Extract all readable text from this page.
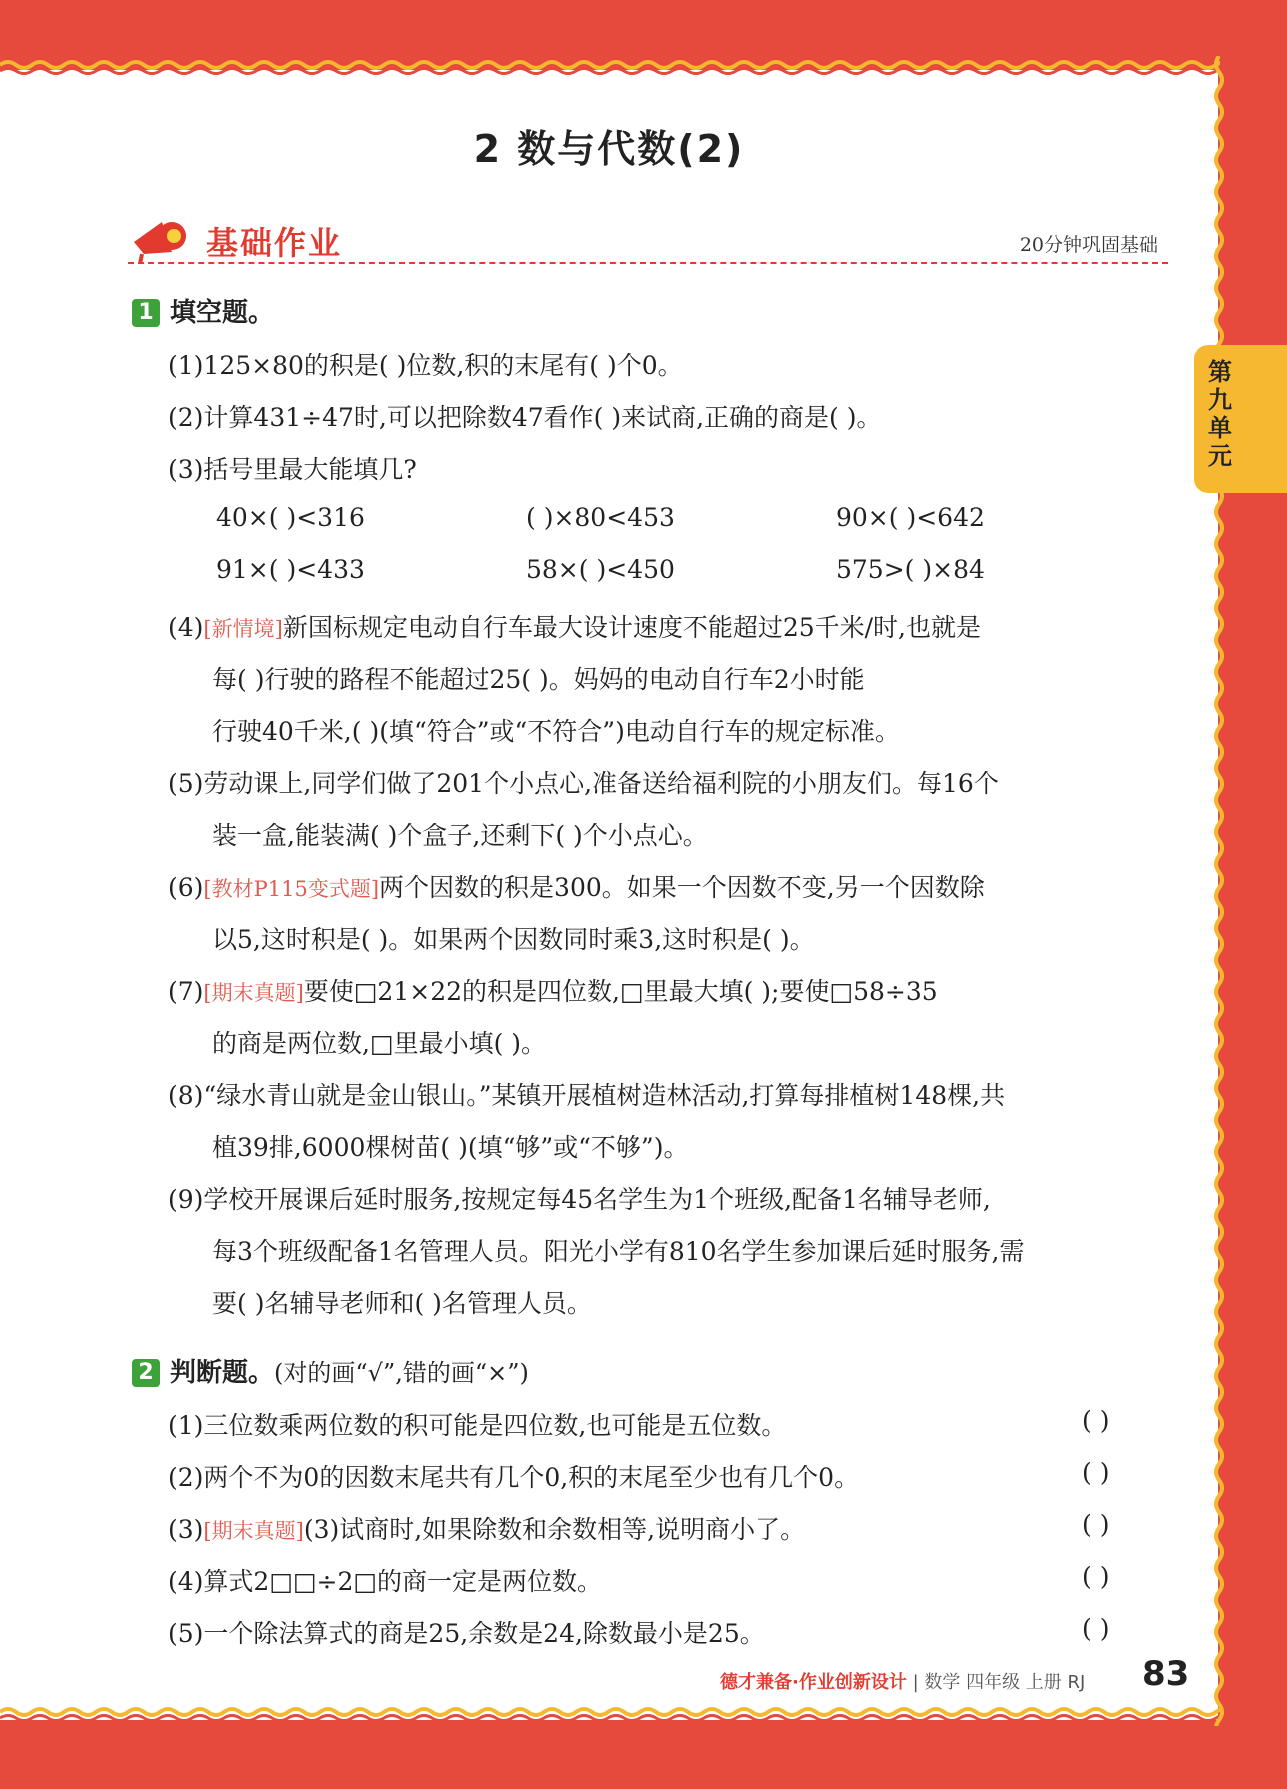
2 数与代数(2)
基础作业	20分钟巩固基础
第九单元
1 填空题。
(1)125×80的积是( )位数,积的末尾有( )个0。
(2)计算431÷47时,可以把除数47看作( )来试商,正确的商是( )。
(3)括号里最大能填几?
40×( )<316	( )×80<453	90×( )<642
91×( )<433	58×( )<450	575>( )×84
(4)[新情境]新国标规定电动自行车最大设计速度不能超过25千米/时,也就是
每( )行驶的路程不能超过25( )。妈妈的电动自行车2小时能
行驶40千米,( )(填“符合”或“不符合”)电动自行车的规定标准。
(5)劳动课上,同学们做了201个小点心,准备送给福利院的小朋友们。每16个
装一盒,能装满( )个盒子,还剩下( )个小点心。
(6)[教材P115变式题]两个因数的积是300。如果一个因数不变,另一个因数除
以5,这时积是( )。如果两个因数同时乘3,这时积是( )。
(7)[期末真题]要使□21×22的积是四位数,□里最大填( );要使□58÷35
的商是两位数,□里最小填( )。
(8)“绿水青山就是金山银山。”某镇开展植树造林活动,打算每排植树148棵,共
植39排,6000棵树苗( )(填“够”或“不够”)。
(9)学校开展课后延时服务,按规定每45名学生为1个班级,配备1名辅导老师,
每3个班级配备1名管理人员。阳光小学有810名学生参加课后延时服务,需
要( )名辅导老师和( )名管理人员。
2 判断题。(对的画“√”,错的画“×”)
(1)三位数乘两位数的积可能是四位数,也可能是五位数。	( )
(2)两个不为0的因数末尾共有几个0,积的末尾至少也有几个0。	( )
(3)[期末真题](3)试商时,如果除数和余数相等,说明商小了。	( )
(4)算式2□□÷2□的商一定是两位数。	( )
(5)一个除法算式的商是25,余数是24,除数最小是25。	( )
德才兼备·作业创新设计 | 数学 四年级 上册 RJ 83
